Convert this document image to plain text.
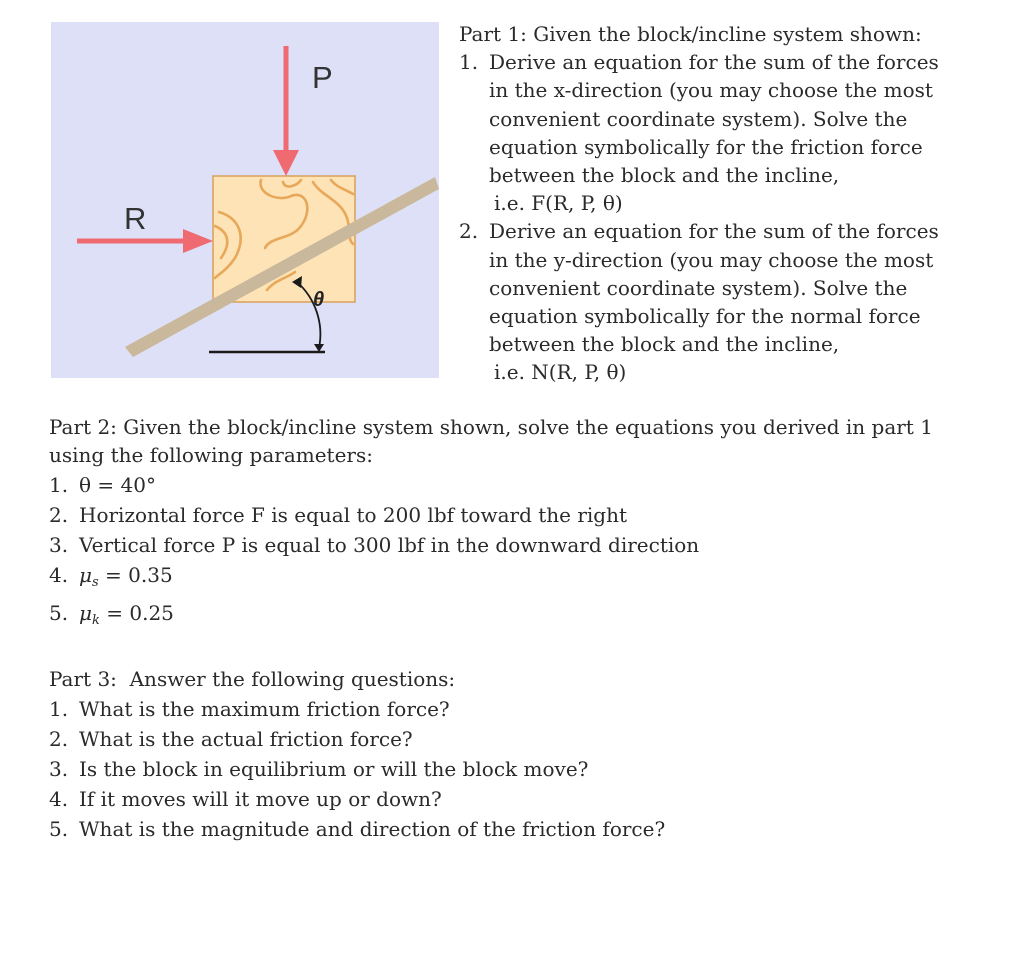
P
R
θ
Part 1: Given the block/incline system shown:
1. Derive an equation for the sum of the forces
in the x-direction (you may choose the most
convenient coordinate system). Solve the
equation symbolically for the friction force
between the block and the incline,
i.e. F(R, P, θ)
2. Derive an equation for the sum of the forces
in the y-direction (you may choose the most
convenient coordinate system). Solve the
equation symbolically for the normal force
between the block and the incline,
i.e. N(R, P, θ)
Part 2: Given the block/incline system shown, solve the equations you derived in part 1
using the following parameters:
1. θ = 40°
2. Horizontal force F is equal to 200 lbf toward the right
3. Vertical force P is equal to 300 lbf in the downward direction
4. $\mu_s = 0.35$
5. $\mu_k = 0.25$
Part 3:  Answer the following questions:
1. What is the maximum friction force?
2. What is the actual friction force?
3. Is the block in equilibrium or will the block move?
4. If it moves will it move up or down?
5. What is the magnitude and direction of the friction force?
